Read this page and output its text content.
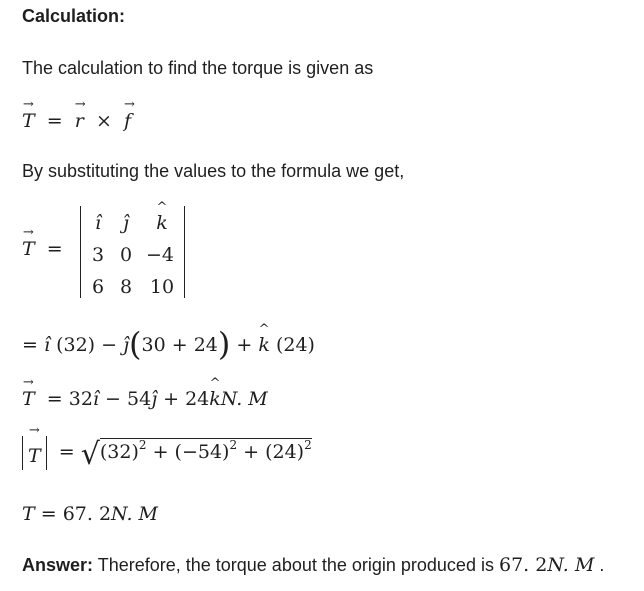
Calculation:
The calculation to find the torque is given as
→
T =
→
r ×
→
f
By substituting the values to the formula we get,
→
T =
î	ĵ
^
k
3 0 −4
6 8 10
= î (32) − ĵ(30 + 24) +
^
k (24)
→
T = 32î − 54ĵ + 24
^
kN. M
→
$T = √(32)^2 + (-54)^2 + (24)^2$
T = 67. 2N. M
Answer: Therefore, the torque about the origin produced is 67. 2N. M .
